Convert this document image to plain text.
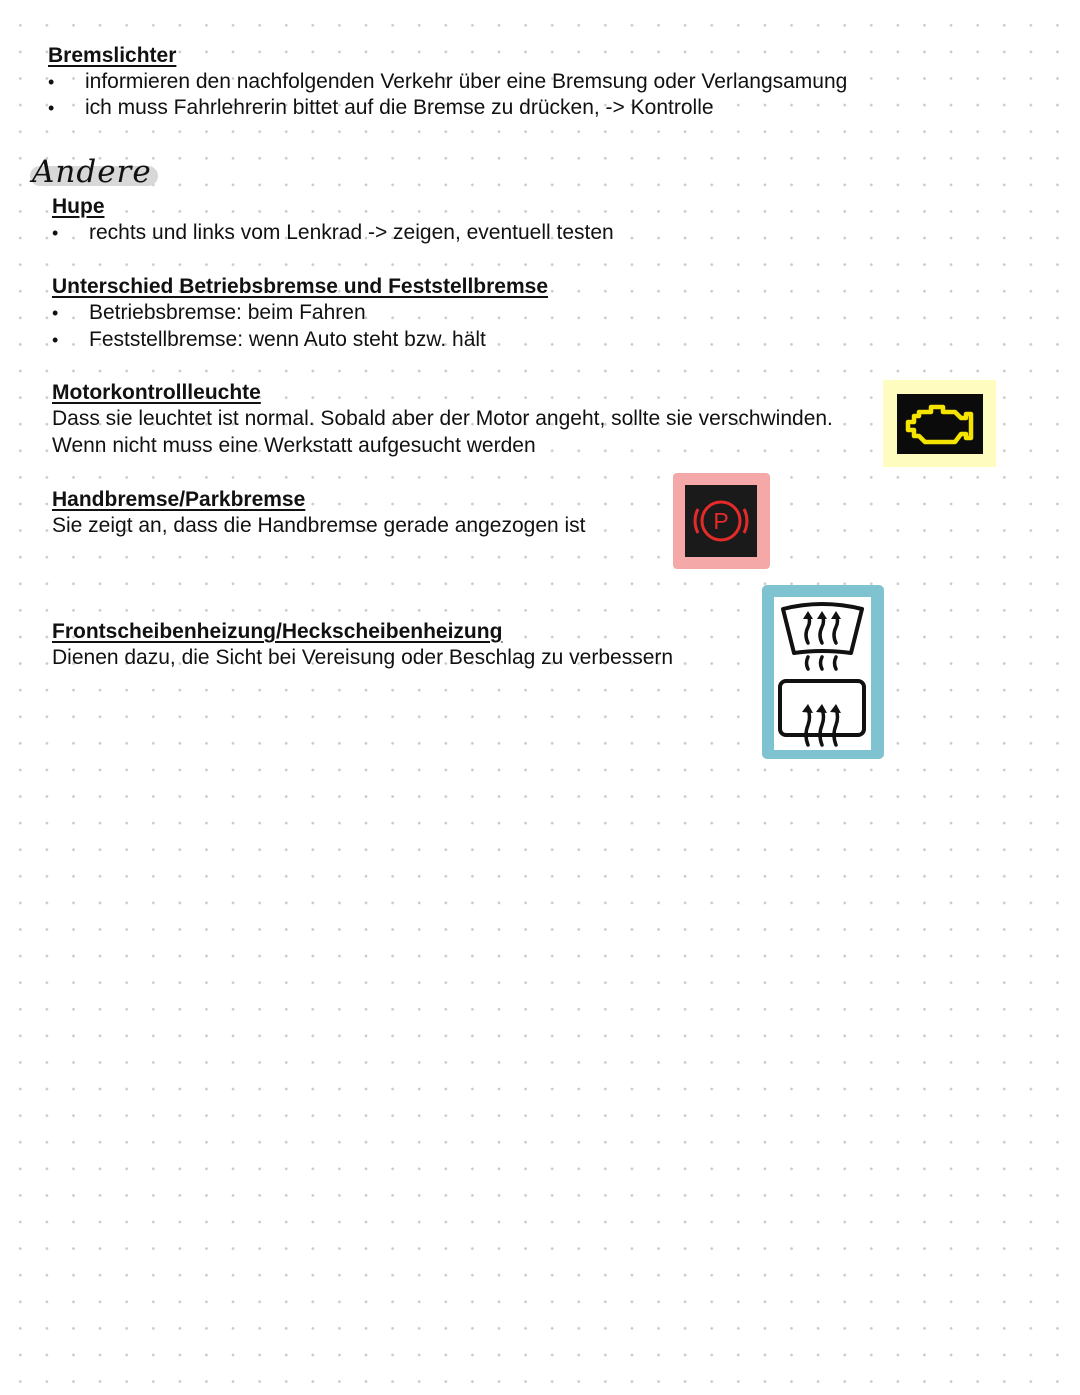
Bremslichter
• informieren den nachfolgenden Verkehr über eine Bremsung oder Verlangsamung
• ich muss Fahrlehrerin bittet auf die Bremse zu drücken, -> Kontrolle
Andere
Hupe
• rechts und links vom Lenkrad -> zeigen, eventuell testen
Unterschied Betriebsbremse und Feststellbremse
• Betriebsbremse: beim Fahren
• Feststellbremse: wenn Auto steht bzw. hält
Motorkontrollleuchte
Dass sie leuchtet ist normal. Sobald aber der Motor angeht, sollte sie verschwinden.
Wenn nicht muss eine Werkstatt aufgesucht werden
Handbremse/Parkbremse
Sie zeigt an, dass die Handbremse gerade angezogen ist	P
Frontscheibenheizung/Heckscheibenheizung
Dienen dazu, die Sicht bei Vereisung oder Beschlag zu verbessern
